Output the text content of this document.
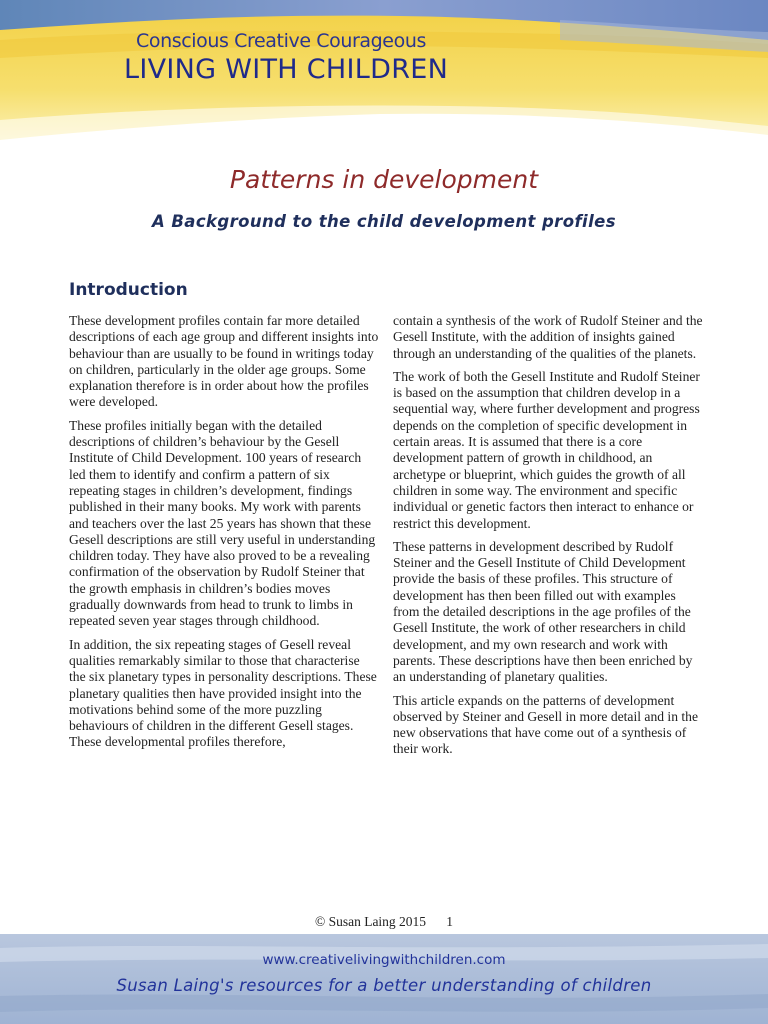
Conscious Creative Courageous
LIVING WITH CHILDREN
Patterns in development
A Background to the child development profiles
Introduction

These development profiles contain far more detailed descriptions of each age group and different insights into behaviour than are usually to be found in writings today on children, particularly in the older age groups. Some explanation therefore is in order about how the profiles were developed.

These profiles initially began with the detailed descriptions of children’s behaviour by the Gesell Institute of Child Development. 100 years of research led them to identify and confirm a pattern of six repeating stages in children’s development, findings published in their many books. My work with parents and teachers over the last 25 years has shown that these Gesell descriptions are still very useful in understanding children today. They have also proved to be a revealing confirmation of the observation by Rudolf Steiner that the growth emphasis in children’s bodies moves gradually downwards from head to trunk to limbs in repeated seven year stages through childhood.

In addition, the six repeating stages of Gesell reveal qualities remarkably similar to those that characterise the six planetary types in personality descriptions. These planetary qualities then have provided insight into the motivations behind some of the more puzzling behaviours of children in the different Gesell stages. These developmental profiles therefore,

contain a synthesis of the work of Rudolf Steiner and the Gesell Institute, with the addition of insights gained through an understanding of the qualities of the planets.

The work of both the Gesell Institute and Rudolf Steiner is based on the assumption that children develop in a sequential way, where further development and progress depends on the completion of specific development in certain areas. It is assumed that there is a core development pattern of growth in childhood, an archetype or blueprint, which guides the growth of all children in some way. The environment and specific individual or genetic factors then interact to enhance or restrict this development.

These patterns in development described by Rudolf Steiner and the Gesell Institute of Child Development provide the basis of these profiles. This structure of development has then been filled out with examples from the detailed descriptions in the age profiles of the Gesell Institute, the work of other researchers in child development, and my own research and work with parents. These descriptions have then been enriched by an understanding of planetary qualities.

This article expands on the patterns of development observed by Steiner and Gesell in more detail and in the new observations that have come out of a synthesis of their work.

© Susan Laing 2015      1
www.creativelivingwithchildren.com
Susan Laing's resources for a better understanding of children
